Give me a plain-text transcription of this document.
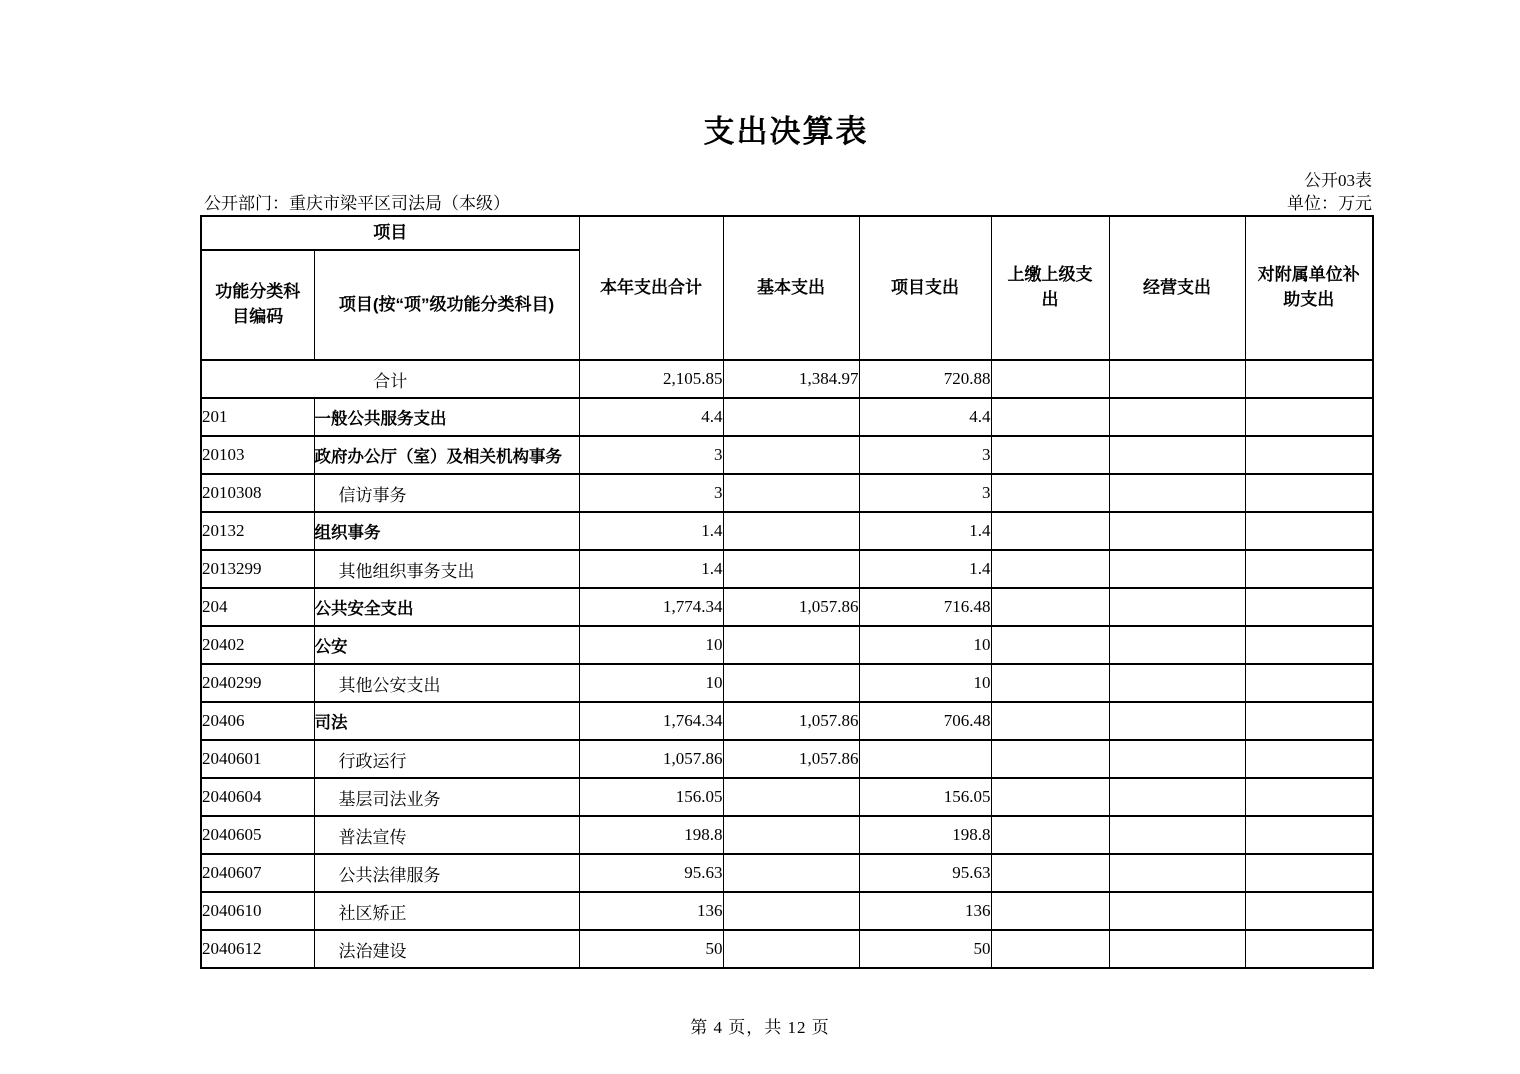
支出决算表
公开03表
公开部门：重庆市梁平区司法局（本级）	单位：万元
项目		本年支出合计	基本支出	项目支出	上缴上级支出	经营支出	对附属单位补助支出
功能分类科目编码	项目(按“项”级功能分类科目)						
合计		2,105.85	1,384.97	720.88			
201	一般公共服务支出	4.4		4.4			
20103	政府办公厅（室）及相关机构事务	3		3			
2010308	信访事务	3		3			
20132	组织事务	1.4		1.4			
2013299	其他组织事务支出	1.4		1.4			
204	公共安全支出	1,774.34	1,057.86	716.48			
20402	公安	10		10			
2040299	其他公安支出	10		10			
20406	司法	1,764.34	1,057.86	706.48			
2040601	行政运行	1,057.86	1,057.86				
2040604	基层司法业务	156.05		156.05			
2040605	普法宣传	198.8		198.8			
2040607	公共法律服务	95.63		95.63			
2040610	社区矫正	136		136			
2040612	法治建设	50		50			
第 4 页，共 12 页
